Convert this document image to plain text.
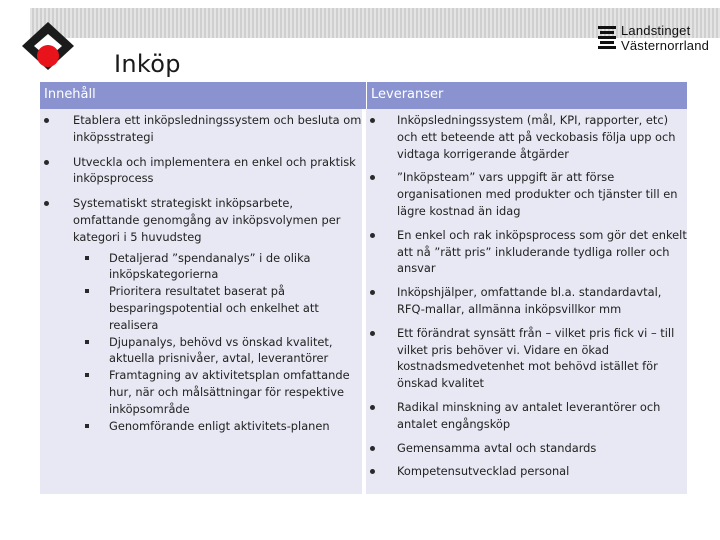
Inköp
Landstinget
Västernorrland
Innehåll	Leveranser
Etablera ett inköpsledningssystem och besluta om inköpsstrategi
Utveckla och implementera en enkel och praktisk inköpsprocess
Systematiskt strategiskt inköpsarbete, omfattande genomgång av inköpsvolymen per kategori i 5 huvudsteg
Detaljerad ”spendanalys” i de olika inköpskategorierna
Prioritera resultatet baserat på besparingspotential och enkelhet att realisera
Djupanalys, behövd vs önskad kvalitet, aktuella prisnivåer, avtal, leverantörer
Framtagning av aktivitetsplan omfattande hur, när och målsättningar för respektive inköpsområde
Genomförande enligt aktivitets-planen
Inköpsledningssystem (mål, KPI, rapporter, etc) och ett beteende att på veckobasis följa upp och vidtaga korrigerande åtgärder
”Inköpsteam” vars uppgift är att förse organisationen med produkter och tjänster till en lägre kostnad än idag
En enkel och rak inköpsprocess som gör det enkelt att nå ”rätt pris” inkluderande tydliga roller och ansvar
Inköpshjälper, omfattande bl.a. standardavtal, RFQ-mallar, allmänna inköpsvillkor mm
Ett förändrat synsätt från – vilket pris fick vi – till vilket pris behöver vi. Vidare en ökad kostnadsmedvetenhet mot behövd istället för önskad kvalitet
Radikal minskning av antalet leverantörer och antalet engångsköp
Gemensamma avtal och standards
Kompetensutvecklad personal
